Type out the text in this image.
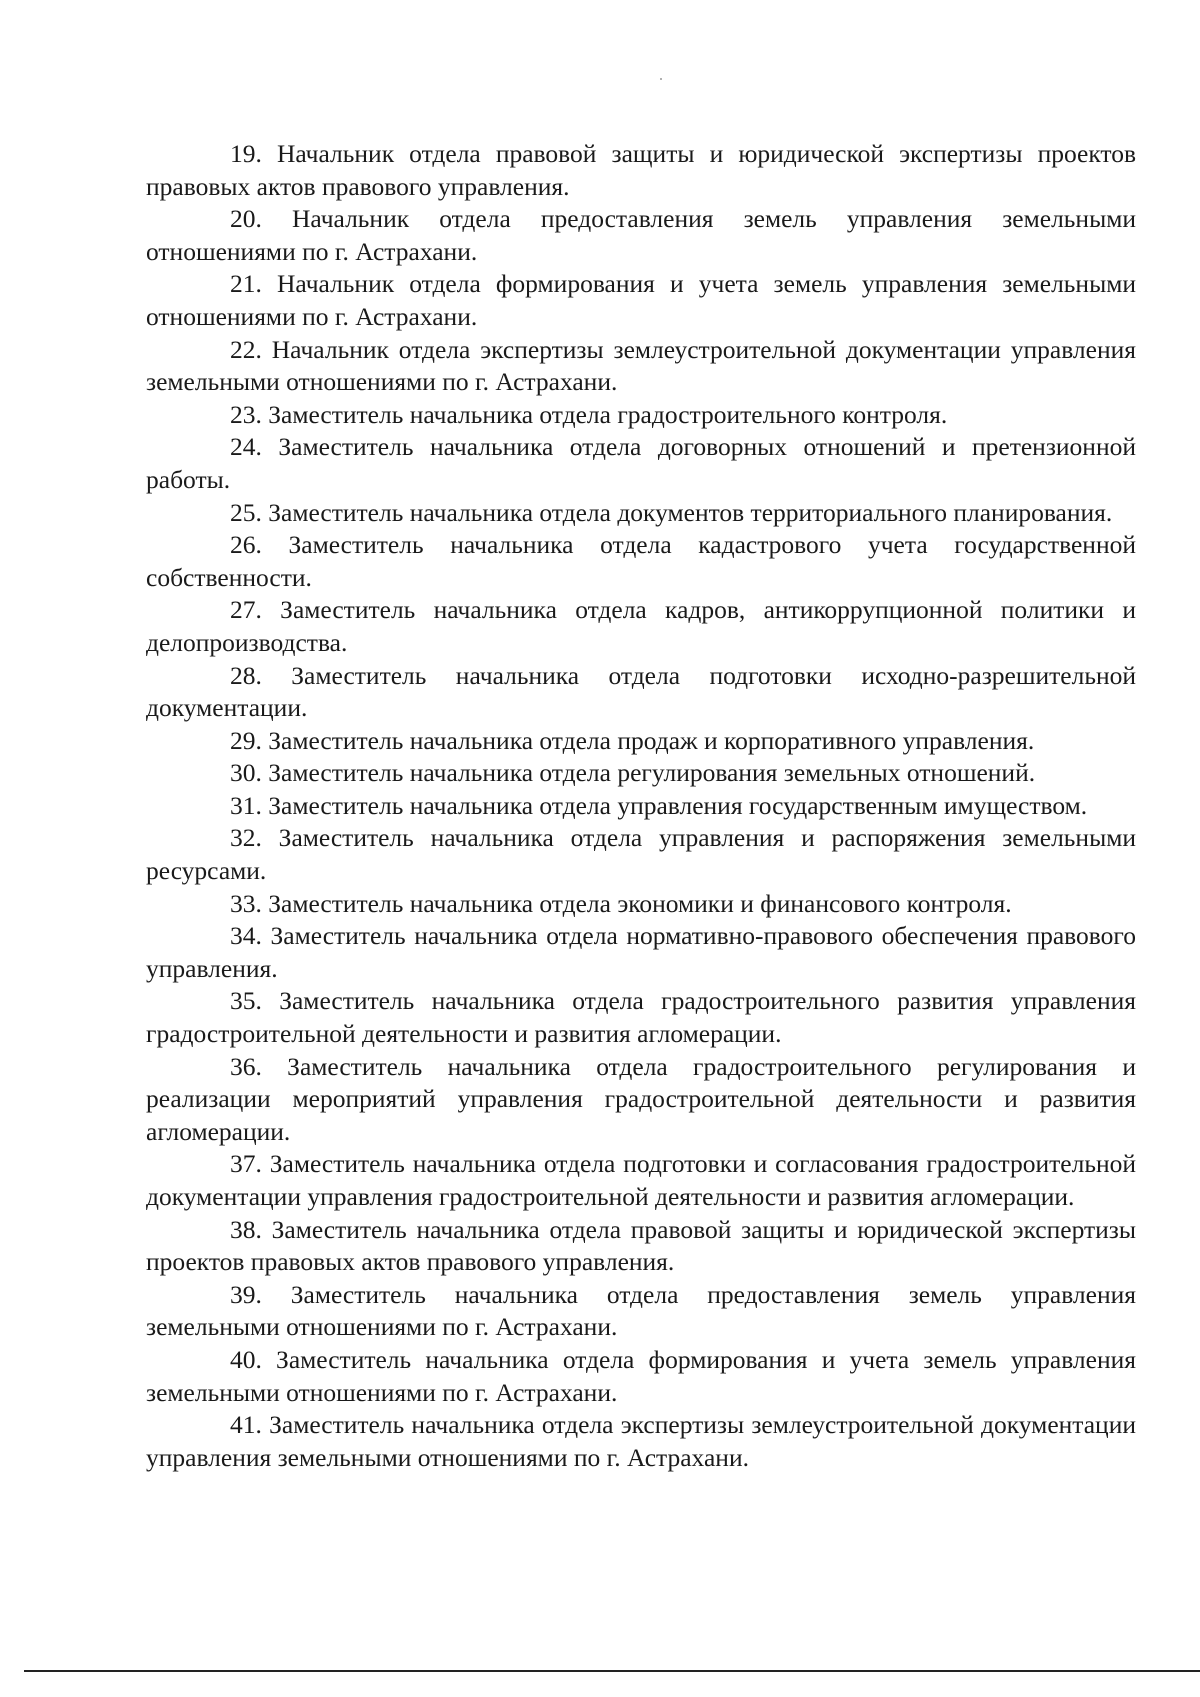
19. Начальник отдела правовой защиты и юридической экспертизы проектов правовых актов правового управления.

20. Начальник отдела предоставления земель управления земельными отношениями по г. Астрахани.

21. Начальник отдела формирования и учета земель управления земельными отношениями по г. Астрахани.

22. Начальник отдела экспертизы землеустроительной документации управления земельными отношениями по г. Астрахани.

23. Заместитель начальника отдела градостроительного контроля.

24. Заместитель начальника отдела договорных отношений и претензионной работы.

25. Заместитель начальника отдела документов территориального планирования.

26. Заместитель начальника отдела кадастрового учета государственной собственности.

27. Заместитель начальника отдела кадров, антикоррупционной политики и делопроизводства.

28. Заместитель начальника отдела подготовки исходно-разрешительной документации.

29. Заместитель начальника отдела продаж и корпоративного управления.

30. Заместитель начальника отдела регулирования земельных отношений.

31. Заместитель начальника отдела управления государственным имуществом.

32. Заместитель начальника отдела управления и распоряжения земельными ресурсами.

33. Заместитель начальника отдела экономики и финансового контроля.

34. Заместитель начальника отдела нормативно-правового обеспечения правового управления.

35. Заместитель начальника отдела градостроительного развития управления градостроительной деятельности и развития агломерации.

36. Заместитель начальника отдела градостроительного регулирования и реализации мероприятий управления градостроительной деятельности и развития агломерации.

37. Заместитель начальника отдела подготовки и согласования градостроительной документации управления градостроительной деятельности и развития агломерации.

38. Заместитель начальника отдела правовой защиты и юридической экспертизы проектов правовых актов правового управления.

39. Заместитель начальника отдела предоставления земель управления земельными отношениями по г. Астрахани.

40. Заместитель начальника отдела формирования и учета земель управления земельными отношениями по г. Астрахани.

41. Заместитель начальника отдела экспертизы землеустроительной документации управления земельными отношениями по г. Астрахани.
